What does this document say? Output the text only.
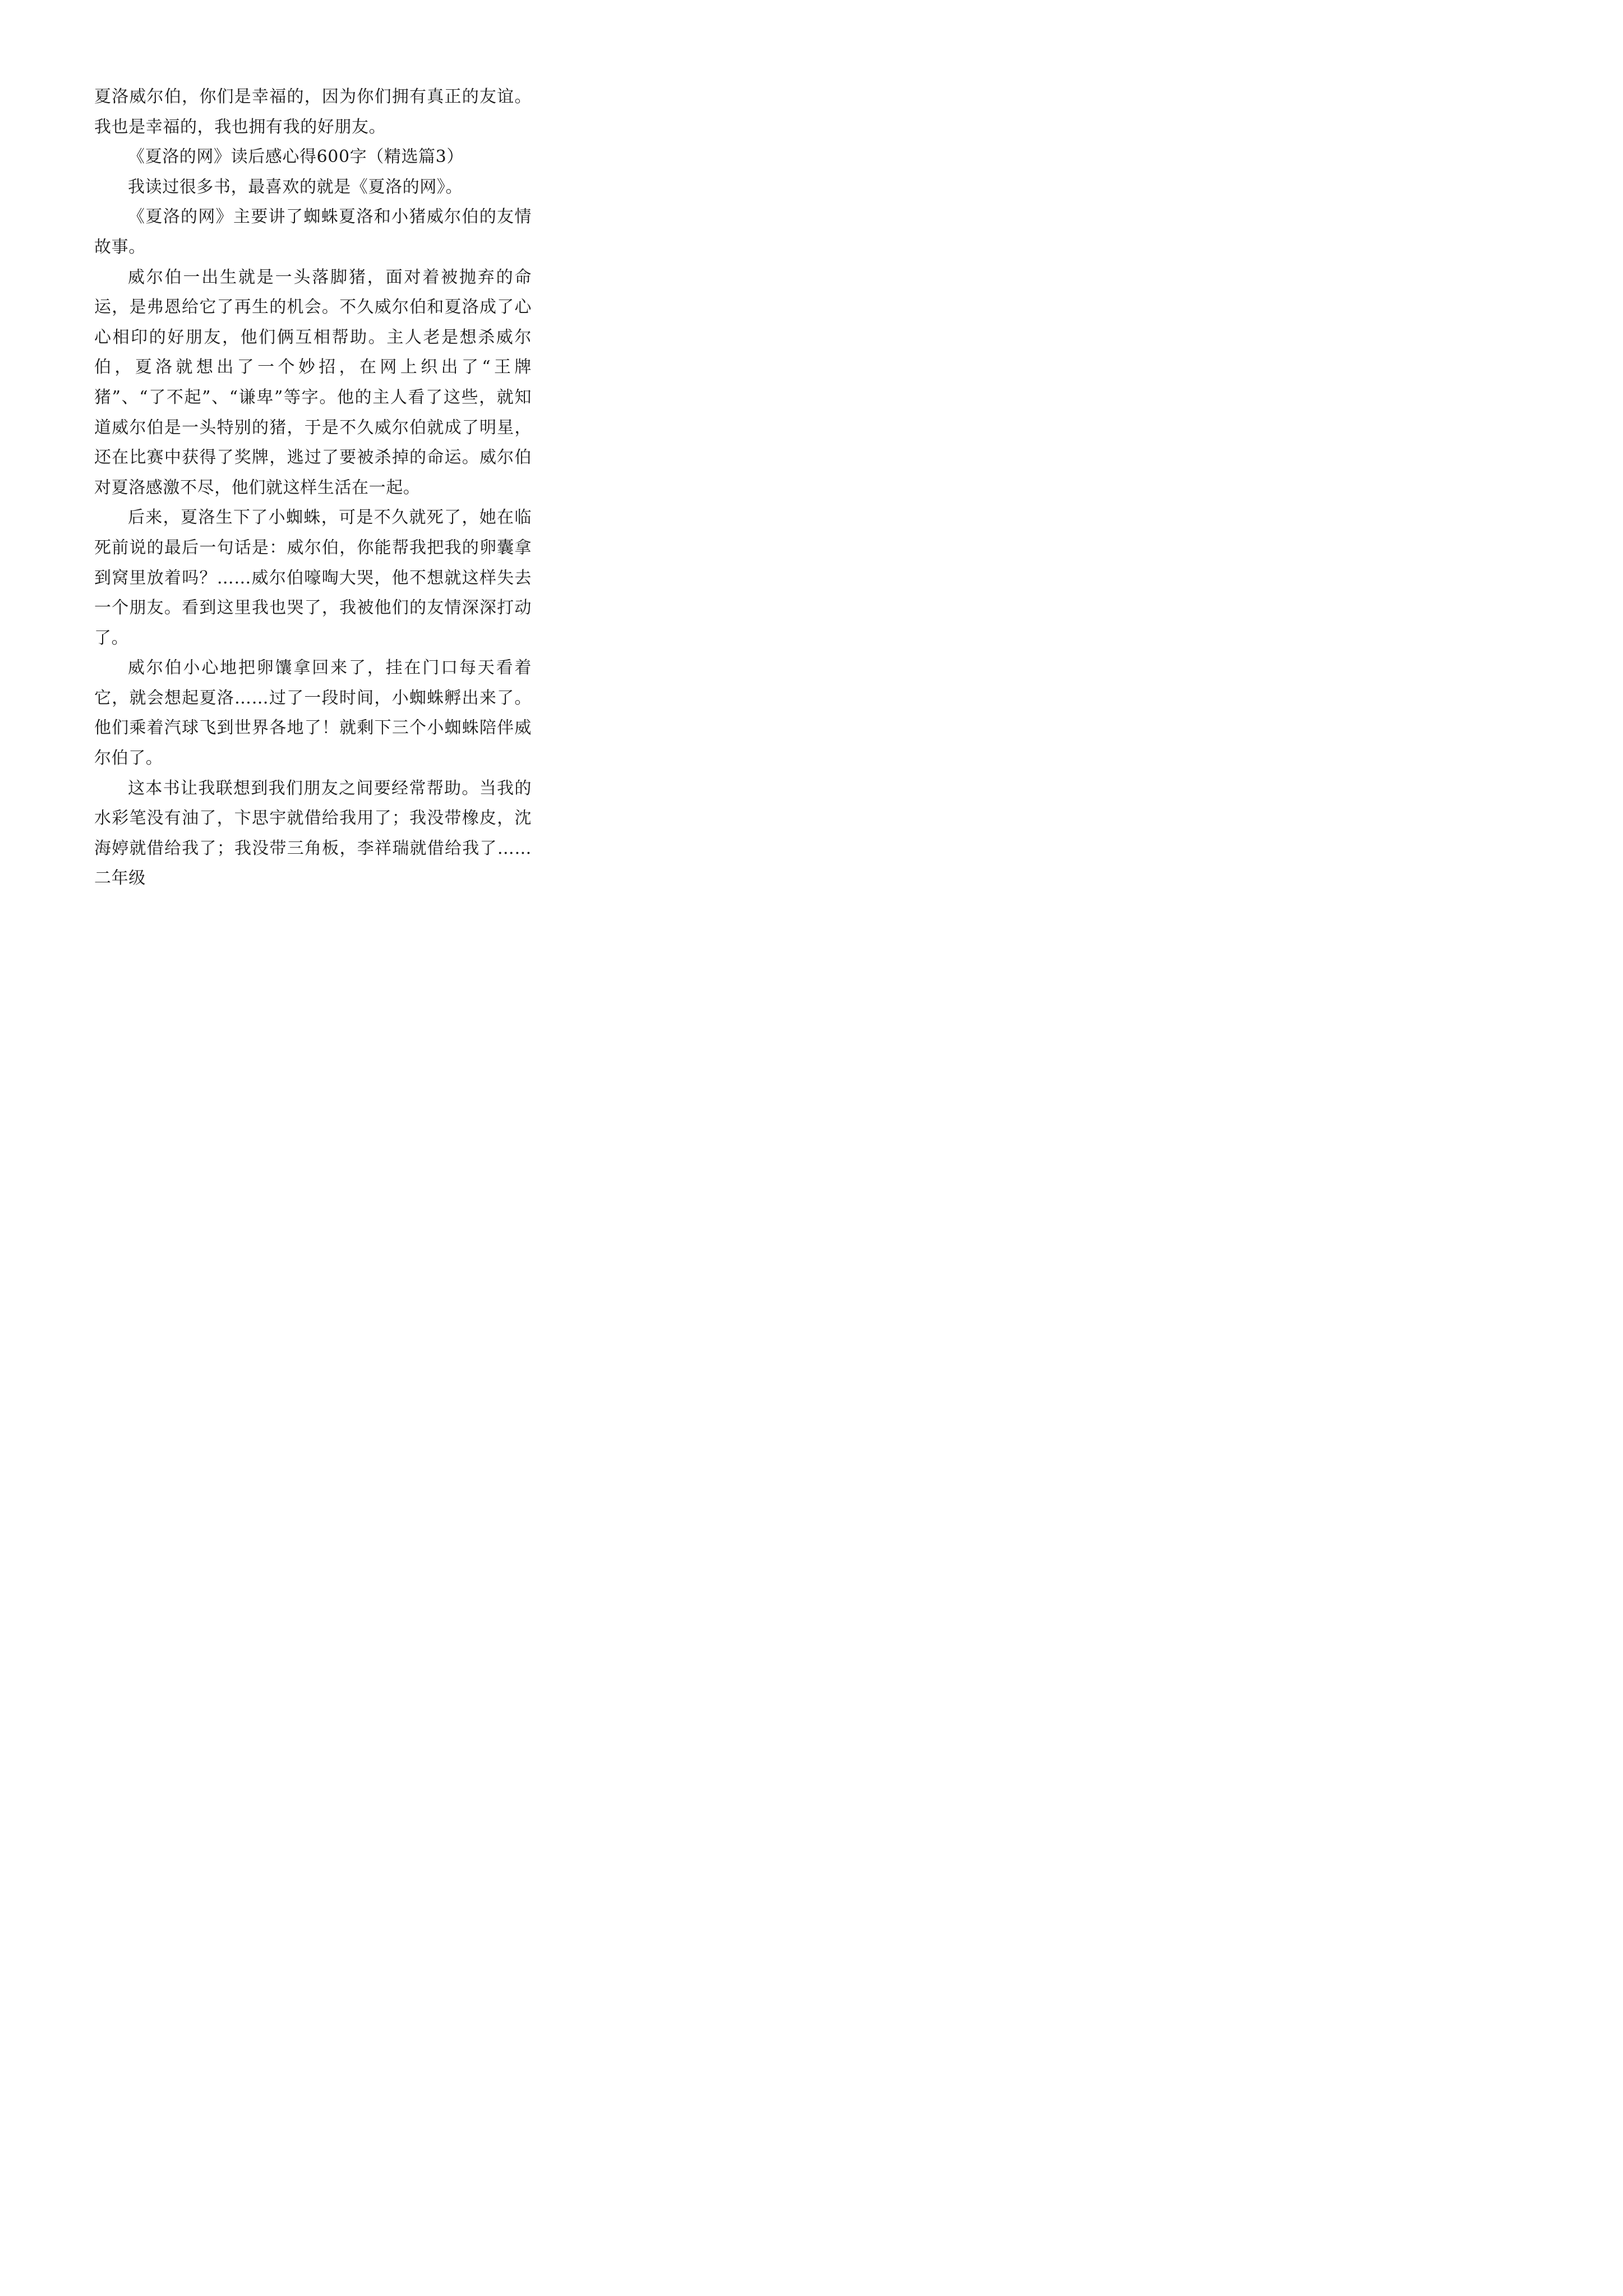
夏洛威尔伯，你们是幸福的，因为你们拥有真正的友谊。我也是幸福的，我也拥有我的好朋友。

《夏洛的网》读后感心得600字（精选篇3）

我读过很多书，最喜欢的就是《夏洛的网》。

《夏洛的网》主要讲了蜘蛛夏洛和小猪威尔伯的友情故事。

威尔伯一出生就是一头落脚猪，面对着被抛弃的命运，是弗恩给它了再生的机会。不久威尔伯和夏洛成了心心相印的好朋友，他们俩互相帮助。主人老是想杀威尔伯，夏洛就想出了一个妙招，在网上织出了“王牌猪”、“了不起”、“谦卑”等字。他的主人看了这些，就知道威尔伯是一头特别的猪，于是不久威尔伯就成了明星，还在比赛中获得了奖牌，逃过了要被杀掉的命运。威尔伯对夏洛感激不尽，他们就这样生活在一起。

后来，夏洛生下了小蜘蛛，可是不久就死了，她在临死前说的最后一句话是：威尔伯，你能帮我把我的卵囊拿到窝里放着吗？……威尔伯嚎啕大哭，他不想就这样失去一个朋友。看到这里我也哭了，我被他们的友情深深打动了。

威尔伯小心地把卵馕拿回来了，挂在门口每天看着它，就会想起夏洛……过了一段时间，小蜘蛛孵出来了。他们乘着汽球飞到世界各地了！就剩下三个小蜘蛛陪伴威尔伯了。

这本书让我联想到我们朋友之间要经常帮助。当我的水彩笔没有油了，卞思宇就借给我用了；我没带橡皮，沈海婷就借给我了；我没带三角板，李祥瑞就借给我了……二年级
